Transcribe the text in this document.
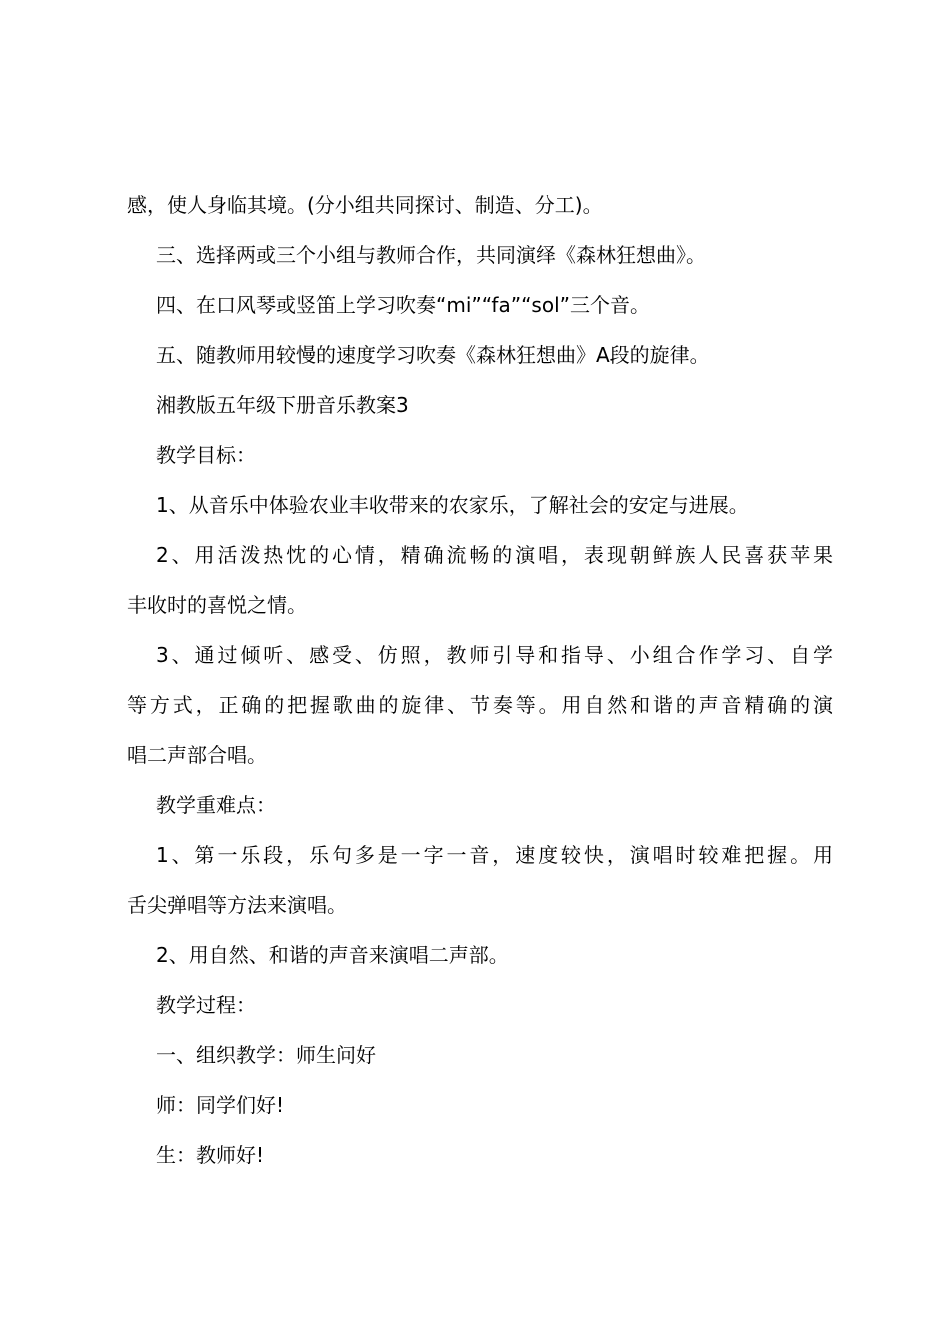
感，使人身临其境。(分小组共同探讨、制造、分工)。
三、选择两或三个小组与教师合作，共同演绎《森林狂想曲》。
四、在口风琴或竖笛上学习吹奏“mi”“fa”“sol”三个音。
五、随教师用较慢的速度学习吹奏《森林狂想曲》A段的旋律。
湘教版五年级下册音乐教案3
教学目标：
1、从音乐中体验农业丰收带来的农家乐，了解社会的安定与进展。
2、用活泼热忱的心情，精确流畅的演唱，表现朝鲜族人民喜获苹果
丰收时的喜悦之情。
3、通过倾听、感受、仿照，教师引导和指导、小组合作学习、自学
等方式，正确的把握歌曲的旋律、节奏等。用自然和谐的声音精确的演
唱二声部合唱。
教学重难点：
1、第一乐段，乐句多是一字一音，速度较快，演唱时较难把握。用
舌尖弹唱等方法来演唱。
2、用自然、和谐的声音来演唱二声部。
教学过程：
一、组织教学：师生问好
师：同学们好!
生：教师好!
